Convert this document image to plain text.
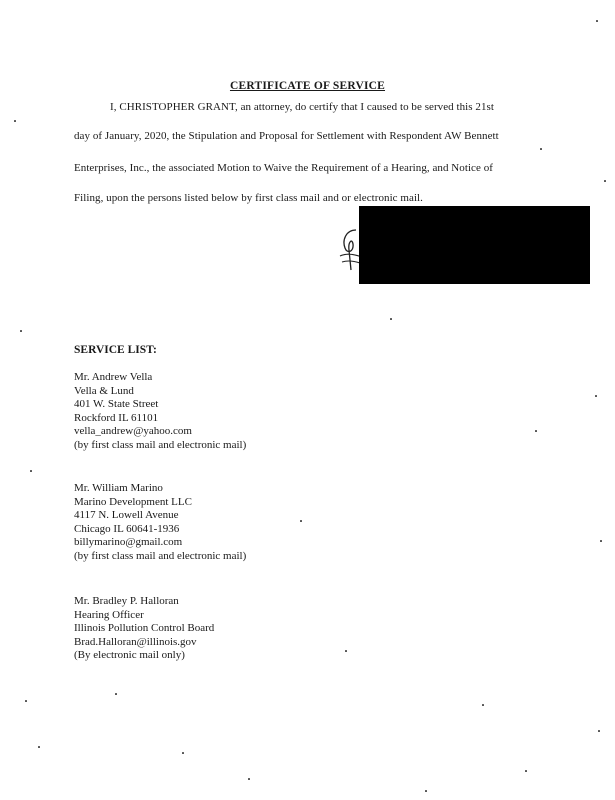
CERTIFICATE OF SERVICE
I, CHRISTOPHER GRANT, an attorney, do certify that I caused to be served this 21st
day of January, 2020, the Stipulation and Proposal for Settlement with Respondent AW Bennett
Enterprises, Inc., the associated Motion to Waive the Requirement of a Hearing, and Notice of
Filing, upon the persons listed below by first class mail and or electronic mail.
SERVICE LIST:
Mr. Andrew Vella
Vella & Lund
401 W. State Street
Rockford IL 61101
vella_andrew@yahoo.com
(by first class mail and electronic mail)
Mr. William Marino
Marino Development LLC
4117 N. Lowell Avenue
Chicago IL 60641-1936
billymarino@gmail.com
(by first class mail and electronic mail)
Mr. Bradley P. Halloran
Hearing Officer
Illinois Pollution Control Board
Brad.Halloran@illinois.gov
(By electronic mail only)
